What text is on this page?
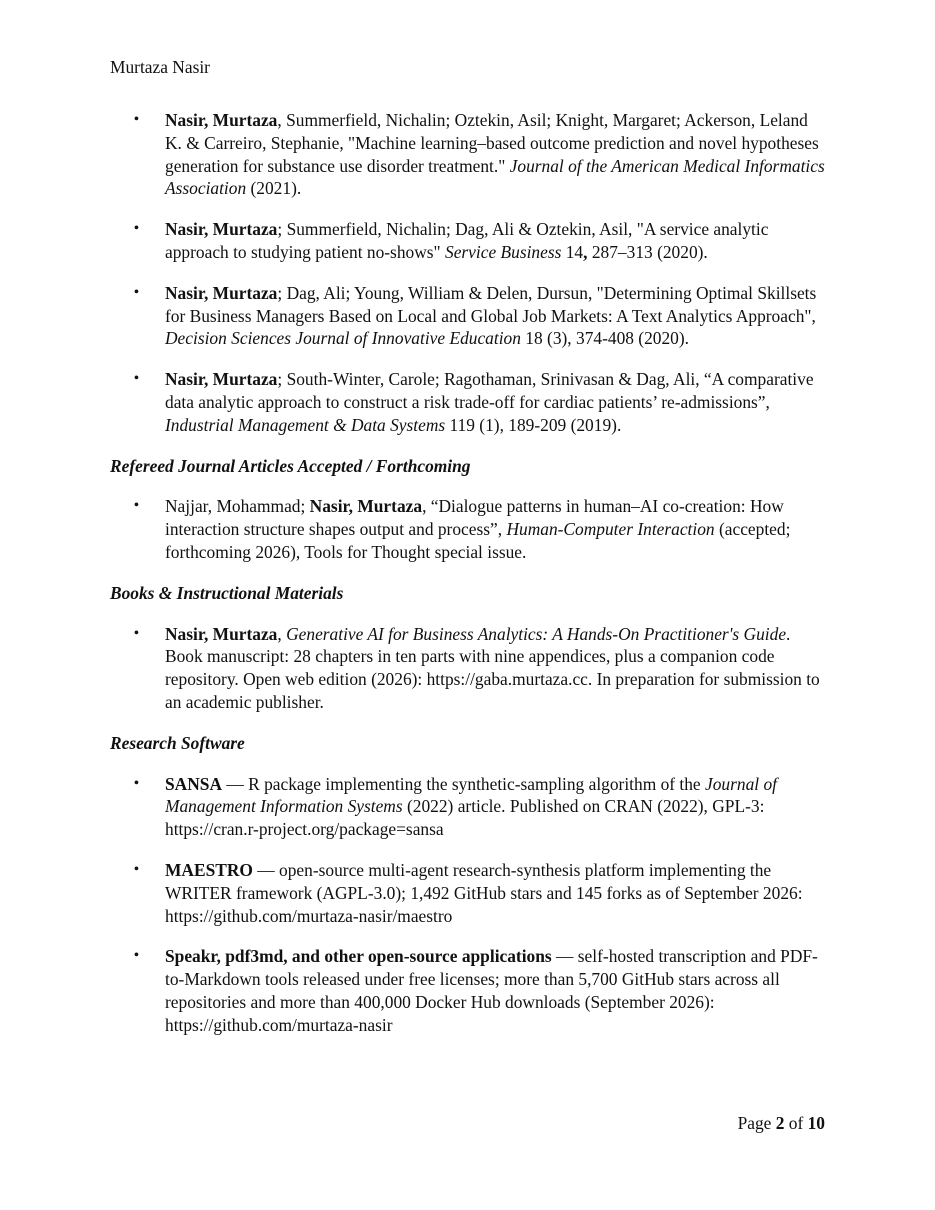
Murtaza Nasir
• Nasir, Murtaza, Summerfield, Nichalin; Oztekin, Asil; Knight, Margaret; Ackerson, Leland K. & Carreiro, Stephanie, "Machine learning–based outcome prediction and novel hypotheses generation for substance use disorder treatment." Journal of the American Medical Informatics Association (2021).
• Nasir, Murtaza; Summerfield, Nichalin; Dag, Ali & Oztekin, Asil, "A service analytic approach to studying patient no-shows" Service Business 14, 287–313 (2020).
• Nasir, Murtaza; Dag, Ali; Young, William & Delen, Dursun, "Determining Optimal Skillsets for Business Managers Based on Local and Global Job Markets: A Text Analytics Approach", Decision Sciences Journal of Innovative Education 18 (3), 374-408 (2020).
• Nasir, Murtaza; South-Winter, Carole; Ragothaman, Srinivasan & Dag, Ali, “A comparative data analytic approach to construct a risk trade-off for cardiac patients’ re-admissions”, Industrial Management & Data Systems 119 (1), 189-209 (2019).
Refereed Journal Articles Accepted / Forthcoming
• Najjar, Mohammad; Nasir, Murtaza, “Dialogue patterns in human–AI co-creation: How interaction structure shapes output and process”, Human-Computer Interaction (accepted; forthcoming 2026), Tools for Thought special issue.
Books & Instructional Materials
• Nasir, Murtaza, Generative AI for Business Analytics: A Hands-On Practitioner's Guide. Book manuscript: 28 chapters in ten parts with nine appendices, plus a companion code repository. Open web edition (2026): https://gaba.murtaza.cc. In preparation for submission to an academic publisher.
Research Software
• SANSA — R package implementing the synthetic-sampling algorithm of the Journal of Management Information Systems (2022) article. Published on CRAN (2022), GPL-3: https://cran.r-project.org/package=sansa
• MAESTRO — open-source multi-agent research-synthesis platform implementing the WRITER framework (AGPL-3.0); 1,492 GitHub stars and 145 forks as of September 2026: https://github.com/murtaza-nasir/maestro
• Speakr, pdf3md, and other open-source applications — self-hosted transcription and PDF-to-Markdown tools released under free licenses; more than 5,700 GitHub stars across all repositories and more than 400,000 Docker Hub downloads (September 2026): https://github.com/murtaza-nasir
Page 2 of 10
